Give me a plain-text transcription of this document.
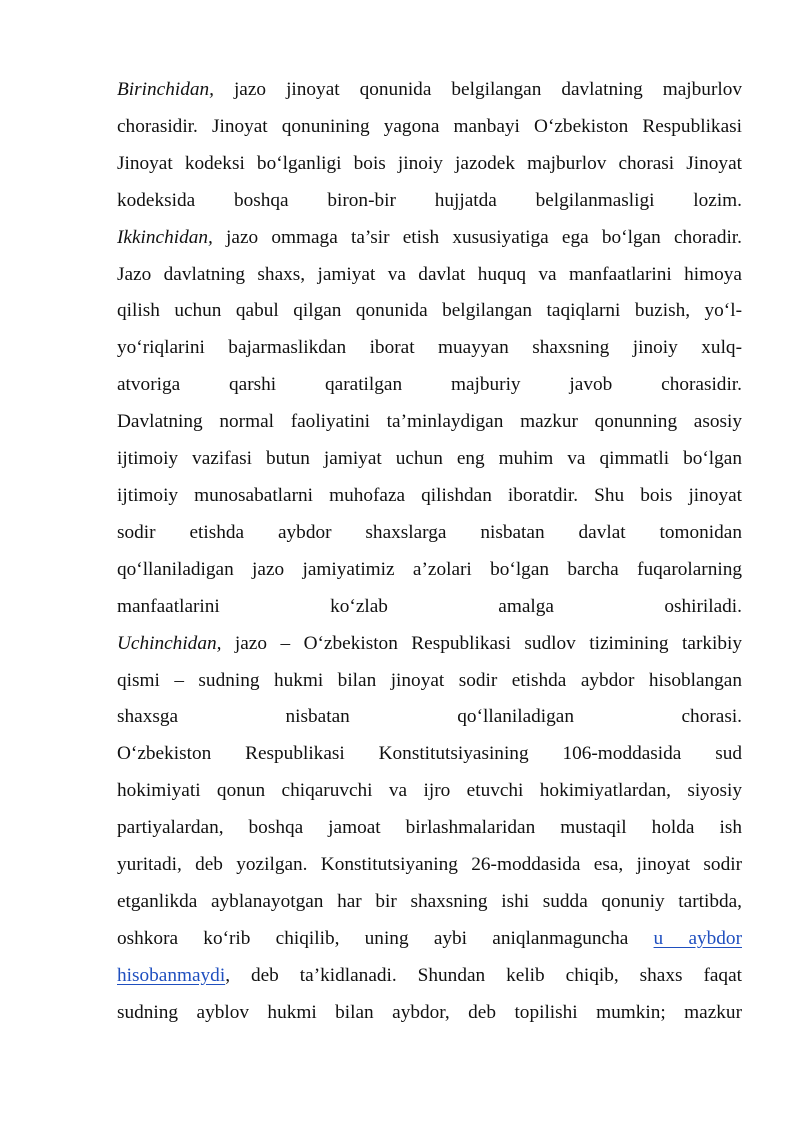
Birinchidan, jazo jinoyat qonunida belgilangan davlatning majburlov
chorasidir. Jinoyat qonunining yagona manbayi O‘zbekiston Respublikasi
Jinoyat kodeksi bo‘lganligi bois jinoiy jazodek majburlov chorasi Jinoyat
kodeksida boshqa biron-bir hujjatda belgilanmasligi lozim.
Ikkinchidan, jazo ommaga ta’sir etish xususiyatiga ega bo‘lgan choradir.
Jazo davlatning shaxs, jamiyat va davlat huquq va manfaatlarini himoya
qilish uchun qabul qilgan qonunida belgilangan taqiqlarni buzish, yo‘l-
yo‘riqlarini bajarmaslikdan iborat muayyan shaxsning jinoiy xulq-
atvoriga qarshi qaratilgan majburiy javob chorasidir.
Davlatning normal faoliyatini ta’minlaydigan mazkur qonunning asosiy
ijtimoiy vazifasi butun jamiyat uchun eng muhim va qimmatli bo‘lgan
ijtimoiy munosabatlarni muhofaza qilishdan iboratdir. Shu bois jinoyat
sodir etishda aybdor shaxslarga nisbatan davlat tomonidan
qo‘llaniladigan jazo jamiyatimiz a’zolari bo‘lgan barcha fuqarolarning
manfaatlarini ko‘zlab amalga oshiriladi.
Uchinchidan, jazo – O‘zbekiston Respublikasi sudlov tizimining tarkibiy
qismi – sudning hukmi bilan jinoyat sodir etishda aybdor hisoblangan
shaxsga nisbatan qo‘llaniladigan chorasi.
O‘zbekiston Respublikasi Konstitutsiyasining 106-moddasida sud
hokimiyati qonun chiqaruvchi va ijro etuvchi hokimiyatlardan, siyosiy
partiyalardan, boshqa jamoat birlashmalaridan mustaqil holda ish
yuritadi, deb yozilgan. Konstitutsiyaning 26-moddasida esa, jinoyat sodir
etganlikda ayblanayotgan har bir shaxsning ishi sudda qonuniy tartibda,
oshkora ko‘rib chiqilib, uning aybi aniqlanmaguncha u aybdor
hisobanmaydi, deb ta’kidlanadi. Shundan kelib chiqib, shaxs faqat
sudning ayblov hukmi bilan aybdor, deb topilishi mumkin; mazkur
